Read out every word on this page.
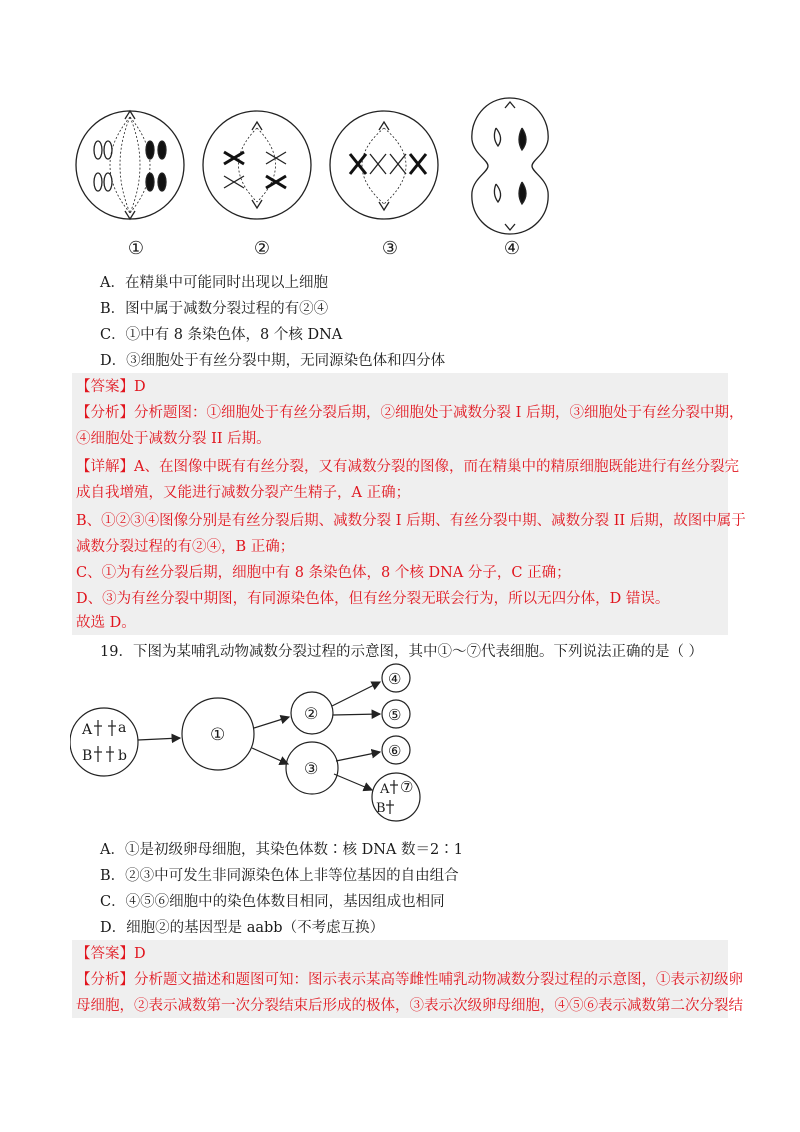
①	②	③	④
A．在精巢中可能同时出现以上细胞
B．图中属于减数分裂过程的有②④
C．①中有 8 条染色体，8 个核 DNA
D．③细胞处于有丝分裂中期，无同源染色体和四分体
【答案】D
【分析】分析题图：①细胞处于有丝分裂后期，②细胞处于减数分裂 I 后期，③细胞处于有丝分裂中期，
④细胞处于减数分裂 II 后期。
【详解】A、在图像中既有有丝分裂，又有减数分裂的图像，而在精巢中的精原细胞既能进行有丝分裂完
成自我增殖，又能进行减数分裂产生精子，A 正确；
B、①②③④图像分别是有丝分裂后期、减数分裂 I 后期、有丝分裂中期、减数分裂 II 后期，故图中属于
减数分裂过程的有②④，B 正确；
C、①为有丝分裂后期，细胞中有 8 条染色体，8 个核 DNA 分子，C 正确；
D、③为有丝分裂中期图，有同源染色体，但有丝分裂无联会行为，所以无四分体，D 错误。
故选 D。
19．下图为某哺乳动物减数分裂过程的示意图，其中①～⑦代表细胞。下列说法正确的是（ ）
A a
B b
①
②
③
④
⑤
⑥
⑦
A
B
A．①是初级卵母细胞，其染色体数∶核 DNA 数＝2∶1
B．②③中可发生非同源染色体上非等位基因的自由组合
C．④⑤⑥细胞中的染色体数目相同，基因组成也相同
D．细胞②的基因型是 aabb（不考虑互换）
【答案】D
【分析】分析题文描述和题图可知：图示表示某高等雌性哺乳动物减数分裂过程的示意图，①表示初级卵
母细胞，②表示减数第一次分裂结束后形成的极体，③表示次级卵母细胞，④⑤⑥表示减数第二次分裂结
